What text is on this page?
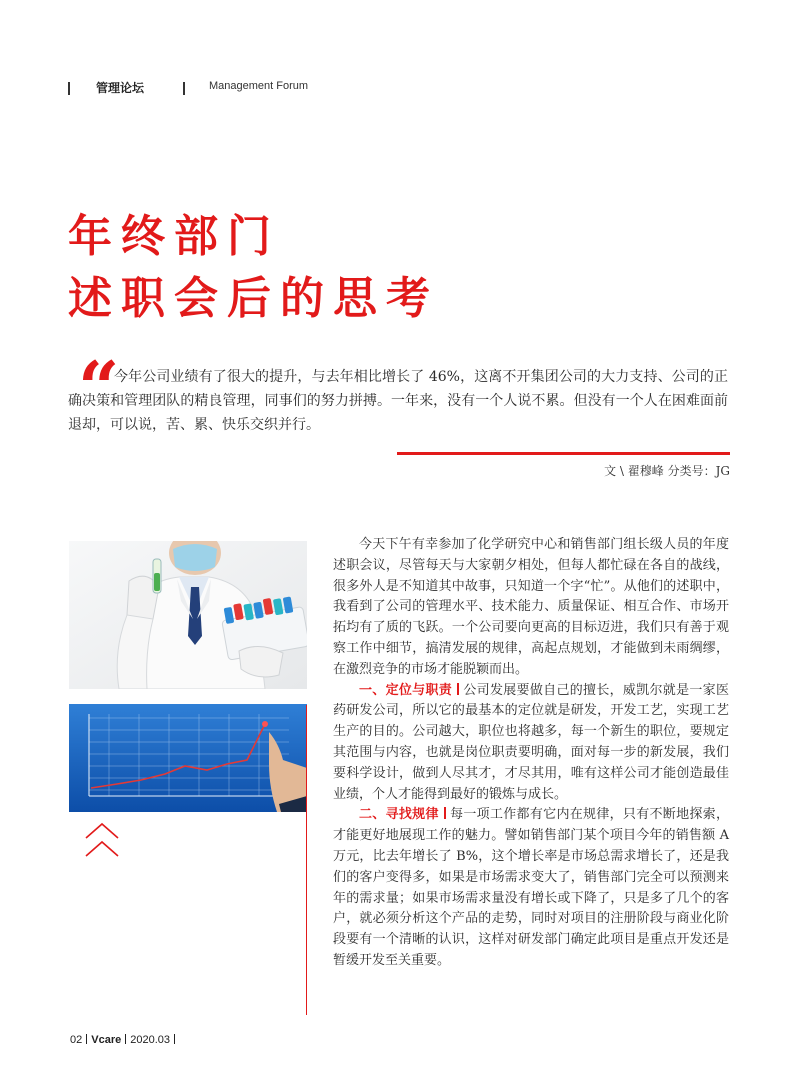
管理论坛	Management Forum
年终部门
述职会后的思考
“
今年公司业绩有了很大的提升，与去年相比增长了 46%，这离不开集团公司的大力支持、公司的正确决策和管理团队的精良管理，同事们的努力拼搏。一年来，没有一个人说不累。但没有一个人在困难面前退却，可以说，苦、累、快乐交织并行。
文 \ 翟穆峰 分类号：JG

今天下午有幸参加了化学研究中心和销售部门组长级人员的年度述职会议，尽管每天与大家朝夕相处，但每人都忙碌在各自的战线，很多外人是不知道其中故事，只知道一个字“忙”。从他们的述职中，我看到了公司的管理水平、技术能力、质量保证、相互合作、市场开拓均有了质的飞跃。一个公司要向更高的目标迈进，我们只有善于观察工作中细节，搞清发展的规律，高起点规划，才能做到未雨绸缪，在激烈竞争的市场才能脱颖而出。

一、定位与职责 公司发展要做自己的擅长，威凯尔就是一家医药研发公司，所以它的最基本的定位就是研发，开发工艺，实现工艺生产的目的。公司越大，职位也将越多，每一个新生的职位，要规定其范围与内容，也就是岗位职责要明确，面对每一步的新发展，我们要科学设计，做到人尽其才，才尽其用，唯有这样公司才能创造最佳业绩，个人才能得到最好的锻炼与成长。

二、寻找规律 每一项工作都有它内在规律，只有不断地探索，才能更好地展现工作的魅力。譬如销售部门某个项目今年的销售额 A 万元，比去年增长了 B%，这个增长率是市场总需求增长了，还是我们的客户变得多，如果是市场需求变大了，销售部门完全可以预测来年的需求量；如果市场需求量没有增长或下降了，只是多了几个的客户，就必须分析这个产品的走势，同时对项目的注册阶段与商业化阶段要有一个清晰的认识，这样对研发部门确定此项目是重点开发还是暂缓开发至关重要。

02 Vcare 2020.03
